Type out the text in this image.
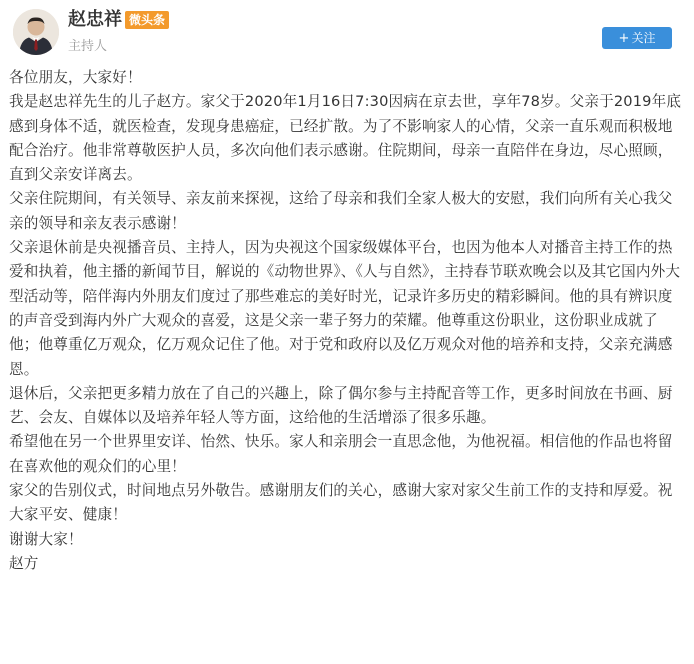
赵忠祥 微头条
主持人
+ 关注

各位朋友，大家好！

我是赵忠祥先生的儿子赵方。家父于2020年1月16日7:30因病在京去世，享年78岁。父亲于2019年底感到身体不适，就医检查，发现身患癌症，已经扩散。为了不影响家人的心情，父亲一直乐观而积极地配合治疗。他非常尊敬医护人员，多次向他们表示感谢。住院期间，母亲一直陪伴在身边，尽心照顾，直到父亲安详离去。

父亲住院期间，有关领导、亲友前来探视，这给了母亲和我们全家人极大的安慰，我们向所有关心我父亲的领导和亲友表示感谢！

父亲退休前是央视播音员、主持人，因为央视这个国家级媒体平台，也因为他本人对播音主持工作的热爱和执着，他主播的新闻节目，解说的《动物世界》、《人与自然》，主持春节联欢晚会以及其它国内外大型活动等，陪伴海内外朋友们度过了那些难忘的美好时光，记录许多历史的精彩瞬间。他的具有辨识度的声音受到海内外广大观众的喜爱，这是父亲一辈子努力的荣耀。他尊重这份职业，这份职业成就了他；他尊重亿万观众，亿万观众记住了他。对于党和政府以及亿万观众对他的培养和支持，父亲充满感恩。

退休后，父亲把更多精力放在了自己的兴趣上，除了偶尔参与主持配音等工作，更多时间放在书画、厨艺、会友、自媒体以及培养年轻人等方面，这给他的生活增添了很多乐趣。

希望他在另一个世界里安详、怡然、快乐。家人和亲朋会一直思念他，为他祝福。相信他的作品也将留在喜欢他的观众们的心里！

家父的告别仪式，时间地点另外敬告。感谢朋友们的关心，感谢大家对家父生前工作的支持和厚爱。祝大家平安、健康！

谢谢大家！

赵方
